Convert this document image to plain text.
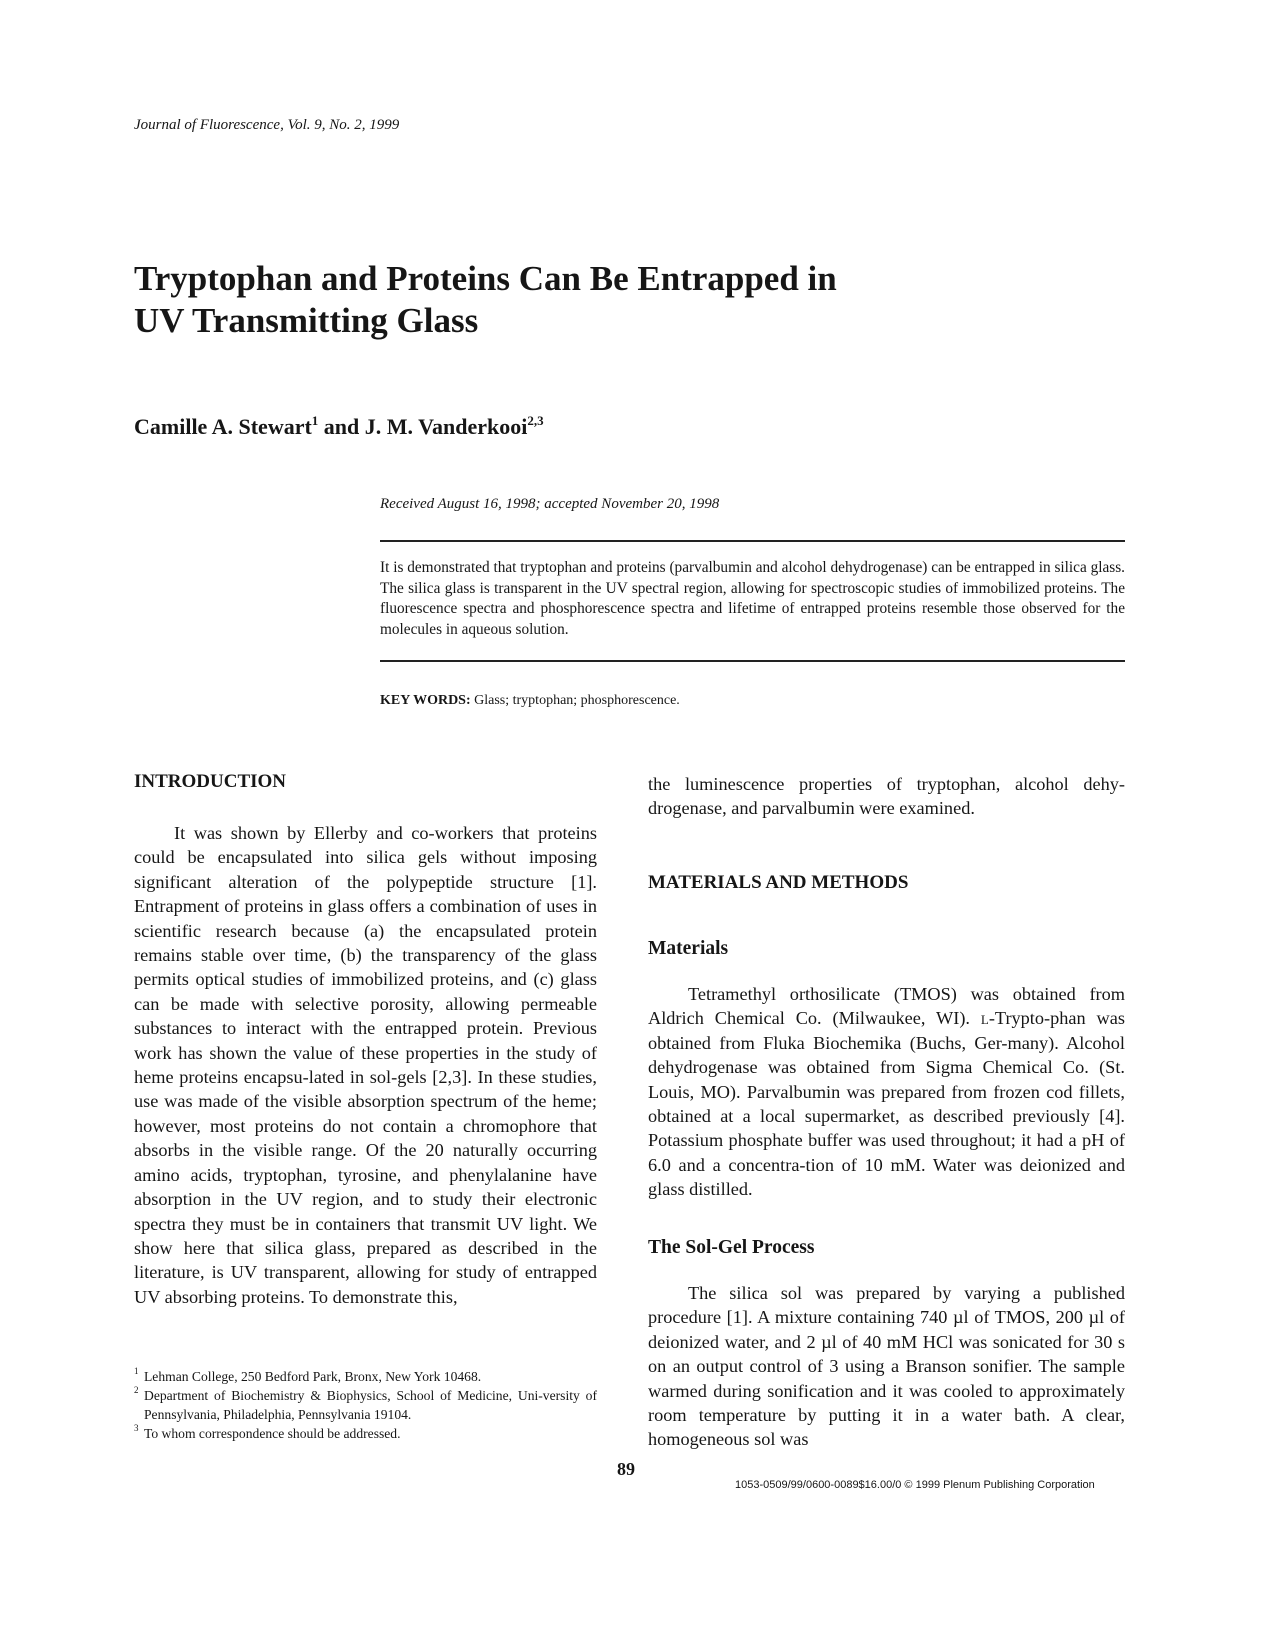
Journal of Fluorescence, Vol. 9, No. 2, 1999
Tryptophan and Proteins Can Be Entrapped in
UV Transmitting Glass
Camille A. Stewart$^1$ and J. M. Vanderkooi$^{2,3}$
Received August 16, 1998; accepted November 20, 1998
It is demonstrated that tryptophan and proteins (parvalbumin and alcohol dehydrogenase) can be entrapped in silica glass. The silica glass is transparent in the UV spectral region, allowing for spectroscopic studies of immobilized proteins. The fluorescence spectra and phosphorescence spectra and lifetime of entrapped proteins resemble those observed for the molecules in aqueous solution.
KEY WORDS: Glass; tryptophan; phosphorescence.
INTRODUCTION

It was shown by Ellerby and co-workers that proteins could be encapsulated into silica gels without imposing significant alteration of the polypeptide structure [1]. Entrapment of proteins in glass offers a combination of uses in scientific research because (a) the encapsulated protein remains stable over time, (b) the transparency of the glass permits optical studies of immobilized proteins, and (c) glass can be made with selective porosity, allowing permeable substances to interact with the entrapped protein. Previous work has shown the value of these properties in the study of heme proteins encapsu-lated in sol-gels [2,3]. In these studies, use was made of the visible absorption spectrum of the heme; however, most proteins do not contain a chromophore that absorbs in the visible range. Of the 20 naturally occurring amino acids, tryptophan, tyrosine, and phenylalanine have absorption in the UV region, and to study their electronic spectra they must be in containers that transmit UV light. We show here that silica glass, prepared as described in the literature, is UV transparent, allowing for study of entrapped UV absorbing proteins. To demonstrate this,

1 Lehman College, 250 Bedford Park, Bronx, New York 10468.
2 Department of Biochemistry & Biophysics, School of Medicine, Uni-versity of Pennsylvania, Philadelphia, Pennsylvania 19104.
3 To whom correspondence should be addressed.
the luminescence properties of tryptophan, alcohol dehy-drogenase, and parvalbumin were examined.
MATERIALS AND METHODS
Materials

Tetramethyl orthosilicate (TMOS) was obtained from Aldrich Chemical Co. (Milwaukee, WI). l-Trypto-phan was obtained from Fluka Biochemika (Buchs, Ger-many). Alcohol dehydrogenase was obtained from Sigma Chemical Co. (St. Louis, MO). Parvalbumin was prepared from frozen cod fillets, obtained at a local supermarket, as described previously [4]. Potassium phosphate buffer was used throughout; it had a pH of 6.0 and a concentra-tion of 10 mM. Water was deionized and glass distilled.

The Sol-Gel Process

The silica sol was prepared by varying a published procedure [1]. A mixture containing 740 µl of TMOS, 200 µl of deionized water, and 2 µl of 40 mM HCl was sonicated for 30 s on an output control of 3 using a Branson sonifier. The sample warmed during sonification and it was cooled to approximately room temperature by putting it in a water bath. A clear, homogeneous sol was

89
1053-0509/99/0600-0089$16.00/0 © 1999 Plenum Publishing Corporation
